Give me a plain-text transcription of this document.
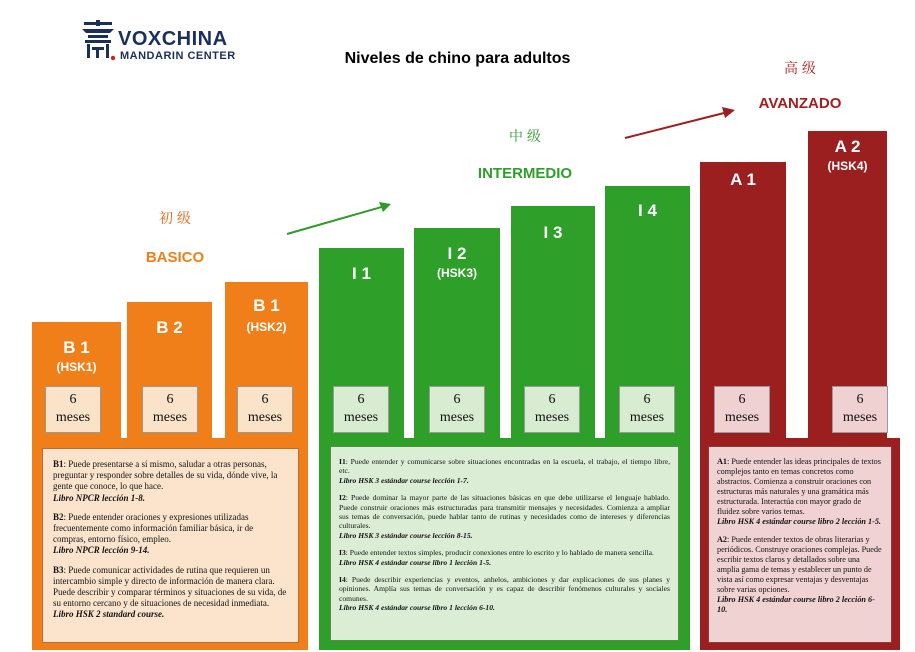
VOXCHINA
MANDARIN CENTER	Niveles de chino para adultos
初 级
BASICO
中 级
INTERMEDIO
高 级
AVANZADO
B 1
(HSK1)
B 2
B 1
(HSK2)

B1: Puede presentarse a sí mismo, saludar a otras personas, preguntar y responder sobre detalles de su vida, dónde vive, la gente que conoce, lo que hace.
Libro NPCR lección 1-8.

B2: Puede entender oraciones y expresiones utilizadas frecuentemente como información familiar básica, ir de compras, entorno físico, empleo.
Libro NPCR lección 9-14.

B3: Puede comunicar actividades de rutina que requieren un intercambio simple y directo de información de manera clara. Puede describir y comparar términos y situaciones de su vida, de su entorno cercano y de situaciones de necesidad inmediata.
Libro HSK 2 standard course.

6
meses
6
meses
6
meses
I 1
I 2
(HSK3)
I 3
I 4

I1: Puede entender y comunicarse sobre situaciones encontradas en la escuela, el trabajo, el tiempo libre, etc.
Libro HSK 3 estándar course lección 1-7.

I2: Puede dominar la mayor parte de las situaciones básicas en que debe utilizarse el lenguaje hablado. Puede construir oraciones más estructuradas para transmitir mensajes y necesidades. Comienza a ampliar sus temas de conversación, puede hablar tanto de rutinas y necesidades como de intereses y diferencias culturales.
Libro HSK 3 estándar course lección 8-15.

I3: Puede entender textos simples, producir conexiones entre lo escrito y lo hablado de manera sencilla.
Libro HSK 4 estándar course libro 1 lección 1-5.

I4: Puede describir experiencias y eventos, anhelos, ambiciones y dar explicaciones de sus planes y opiniones. Amplía sus temas de conversación y es capaz de describir fenómenos culturales y sociales comunes.
Libro HSK 4 estándar course libro 1 lección 6-10.

6
meses
6
meses
6
meses
6
meses
A 1
A 2
(HSK4)

A1: Puede entender las ideas principales de textos complejos tanto en temas concretos como abstractos. Comienza a construir oraciones con estructuras más naturales y una gramática más estructurada. Interactúa con mayor grado de fluidez sobre varios temas.
Libro HSK 4 estándar course libro 2 lección 1-5.

A2: Puede entender textos de obras literarias y periódicos. Construye oraciones complejas. Puede escribir textos claros y detallados sobre una amplia gama de temas y establecer un punto de vista así como expresar ventajas y desventajas sobre varias opciones.
Libro HSK 4 estándar course libro 2 lección 6-10.

6
meses
6
meses
